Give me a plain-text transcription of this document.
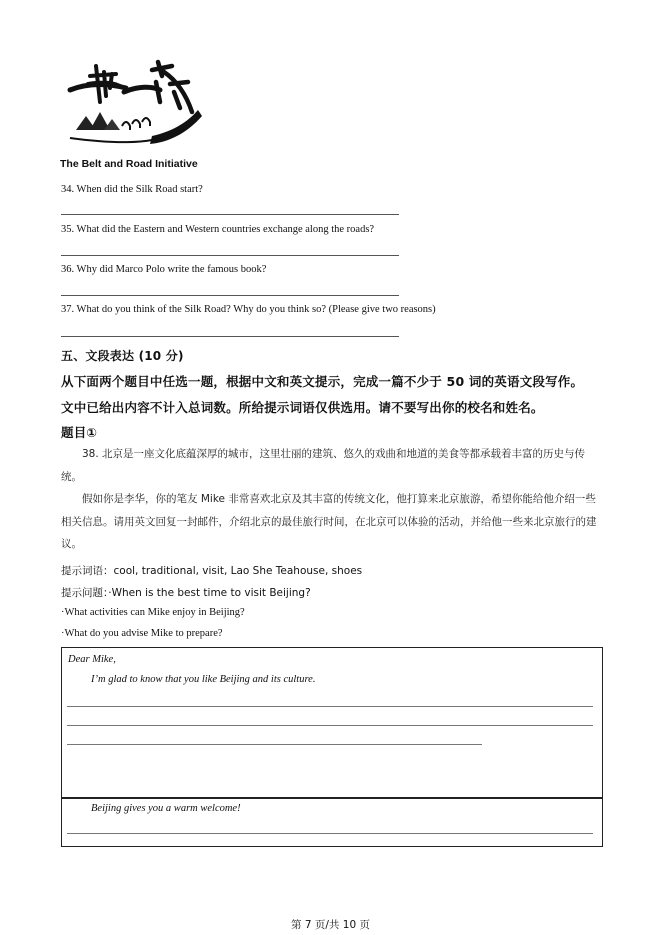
The Belt and Road Initiative
34. When did the Silk Road start?
35. What did the Eastern and Western countries exchange along the roads?
36. Why did Marco Polo write the famous book?
37. What do you think of the Silk Road? Why do you think so? (Please give two reasons)
五、文段表达 (10 分)
从下面两个题目中任选一题，根据中文和英文提示，完成一篇不少于 50 词的英语文段写作。
文中已给出内容不计入总词数。所给提示词语仅供选用。请不要写出你的校名和姓名。
题目①
38. 北京是一座文化底蕴深厚的城市，这里壮丽的建筑、悠久的戏曲和地道的美食等都承载着丰富的历史与传统。
假如你是李华，你的笔友 Mike 非常喜欢北京及其丰富的传统文化，他打算来北京旅游，希望你能给他介绍一些相关信息。请用英文回复一封邮件，介绍北京的最佳旅行时间，在北京可以体验的活动，并给他一些来北京旅行的建议。
提示词语：cool, traditional, visit, Lao She Teahouse, shoes
提示问题：·When is the best time to visit Beijing?
·What activities can Mike enjoy in Beijing?
·What do you advise Mike to prepare?
Dear Mike,
I’m glad to know that you like Beijing and its culture.
Beijing gives you a warm welcome!
第 7 页/共 10 页
